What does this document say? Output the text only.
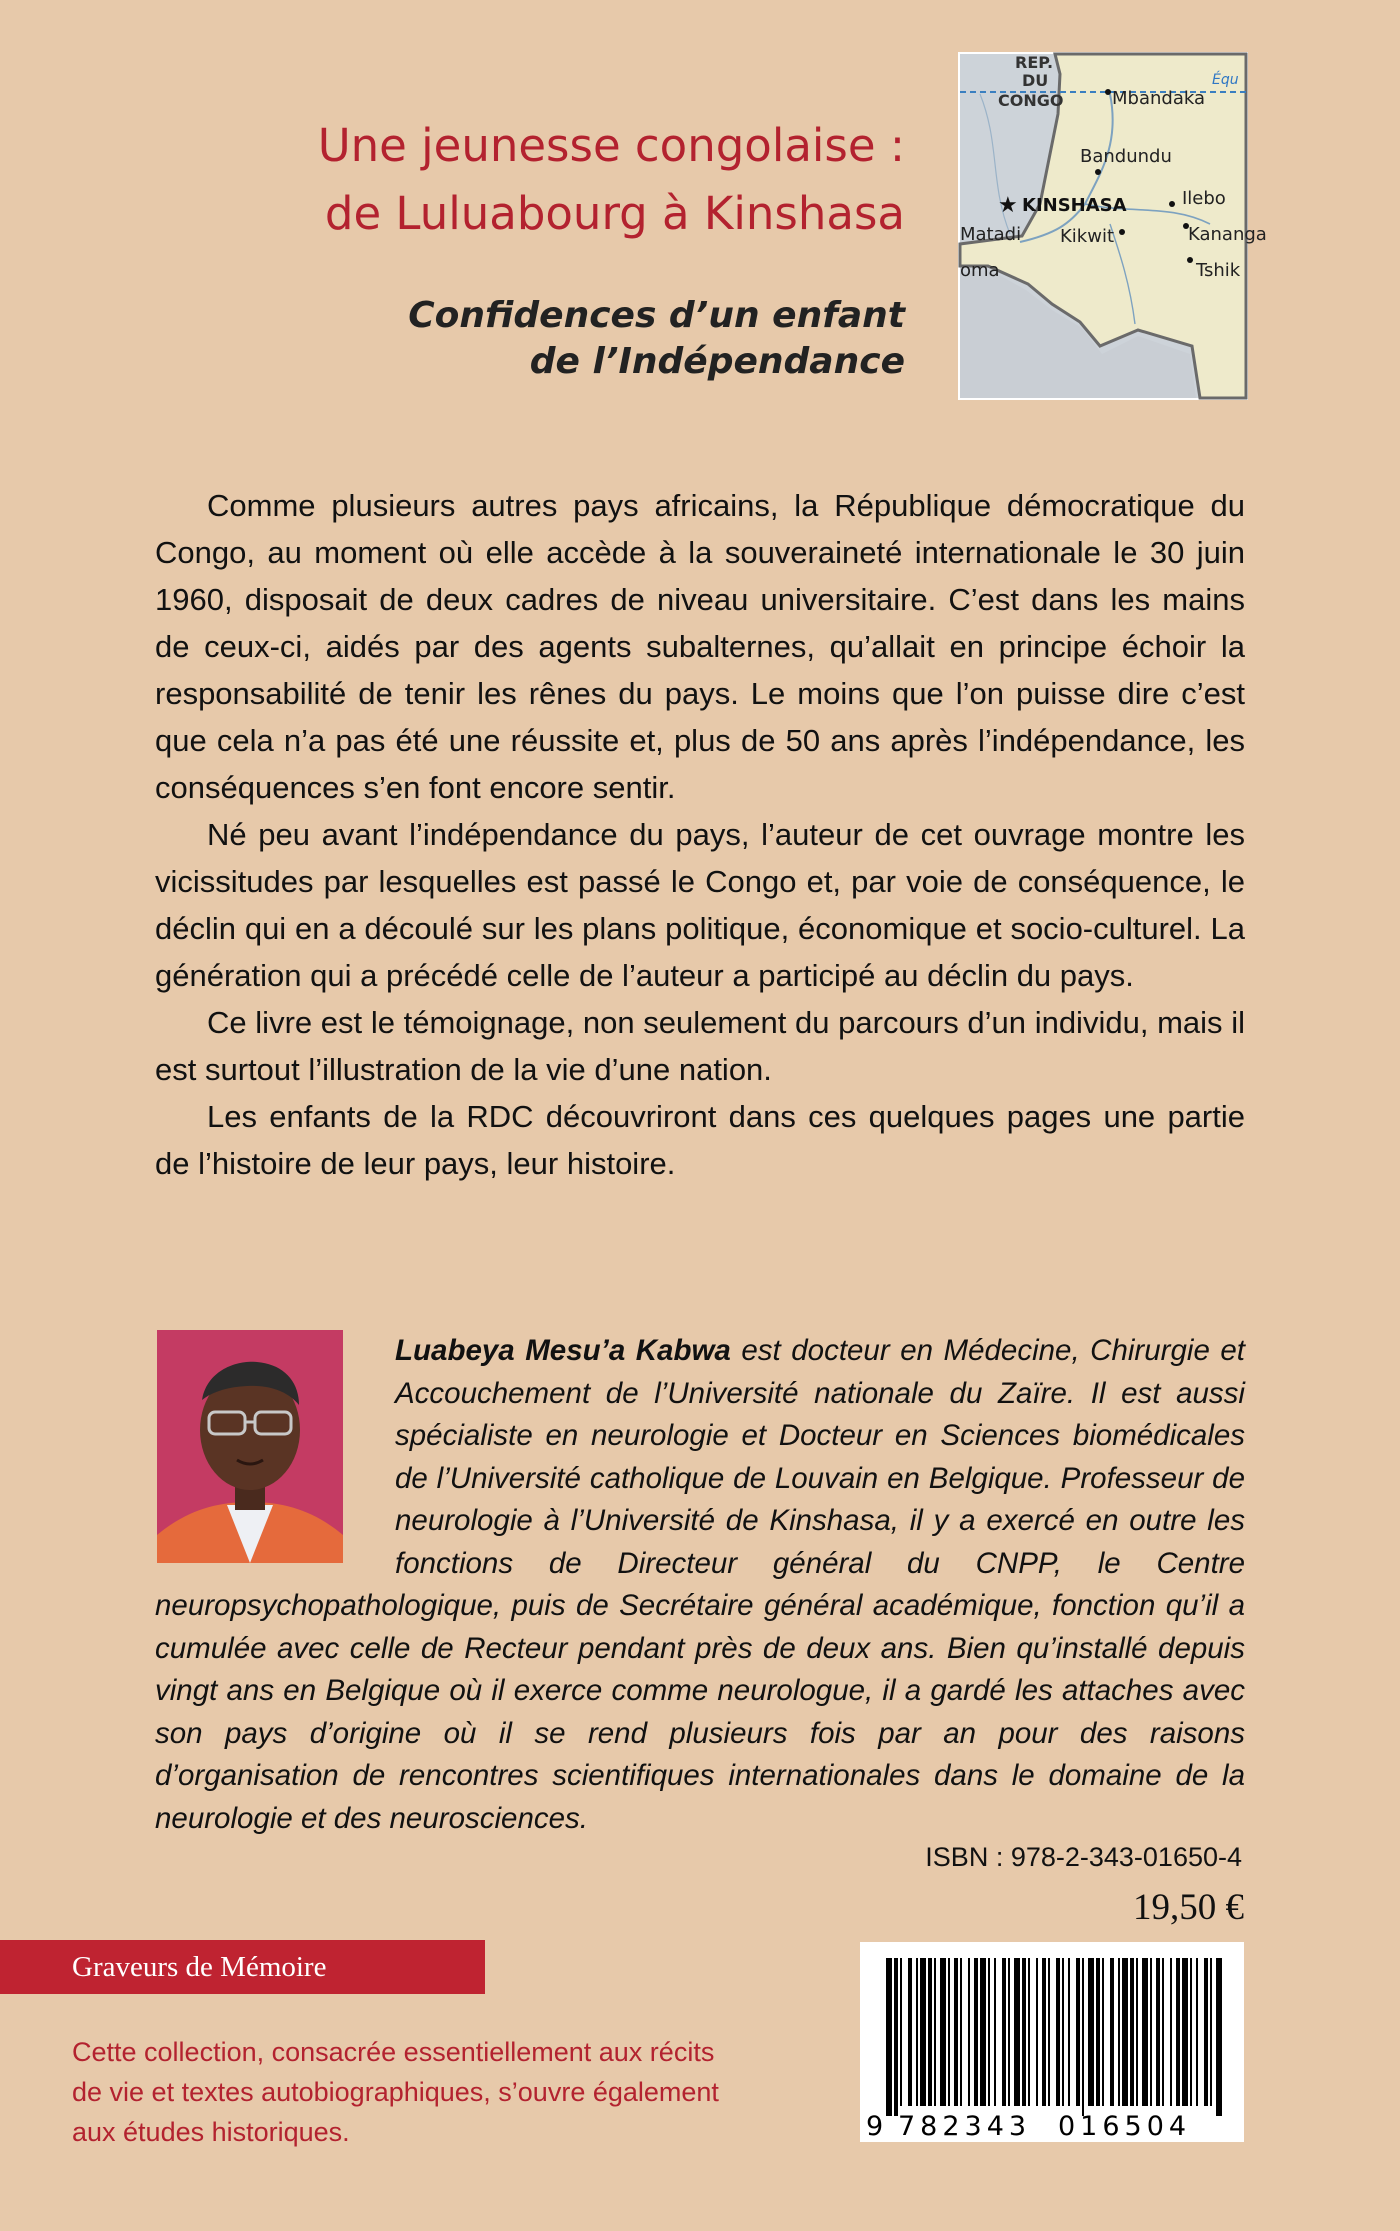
Une jeunesse congolaise :
de Luluabourg à Kinshasa
Confidences d’un enfant
de l’Indépendance
REP.
DU
CONGO
Équ
Mbandaka
Bandundu
★ KINSHASA	Ilebo
Matadi Kikwit	Kananga
oma	Tshik

Comme plusieurs autres pays africains, la République démocratique du Congo, au moment où elle accède à la souveraineté internationale le 30 juin 1960, disposait de deux cadres de niveau universitaire. C’est dans les mains de ceux-ci, aidés par des agents subalternes, qu’allait en principe échoir la responsabilité de tenir les rênes du pays. Le moins que l’on puisse dire c’est que cela n’a pas été une réussite et, plus de 50 ans après l’indépendance, les conséquences s’en font encore sentir.

Né peu avant l’indépendance du pays, l’auteur de cet ouvrage montre les vicissitudes par lesquelles est passé le Congo et, par voie de conséquence, le déclin qui en a découlé sur les plans politique, économique et socio-culturel. La génération qui a précédé celle de l’auteur a participé au déclin du pays.

Ce livre est le témoignage, non seulement du parcours d’un individu, mais il est surtout l’illustration de la vie d’une nation.

Les enfants de la RDC découvriront dans ces quelques pages une partie de l’histoire de leur pays, leur histoire.

Luabeya Mesu’a Kabwa est docteur en Médecine, Chirurgie et Accouchement de l’Université nationale du Zaïre. Il est aussi spécialiste en neurologie et Docteur en Sciences biomédicales de l’Université catholique de Louvain en Belgique. Professeur de neurologie à l’Université de Kinshasa, il y a exercé en outre les fonctions de Directeur général du CNPP, le Centre neuropsychopathologique, puis de Secrétaire général académique, fonction qu’il a cumulée avec celle de Recteur pendant près de deux ans. Bien qu’installé depuis vingt ans en Belgique où il exerce comme neurologue, il a gardé les attaches avec son pays d’origine où il se rend plusieurs fois par an pour des raisons d’organisation de rencontres scientifiques internationales dans le domaine de la neurologie et des neurosciences.
ISBN : 978-2-343-01650-4
19,50 €
Graveurs de Mémoire
Cette collection, consacrée essentiellement aux récits
de vie et textes autobiographiques, s’ouvre également
aux études historiques.	9 782343 016504
